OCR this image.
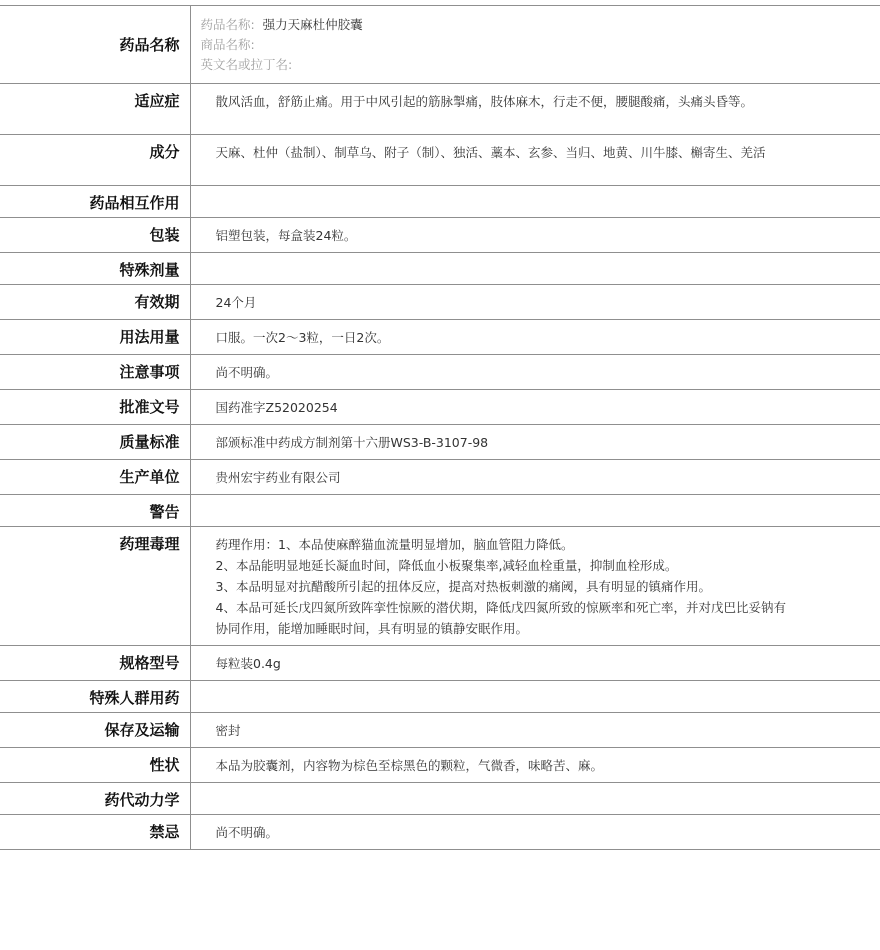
药品名称	药品名称: 强力天麻杜仲胶囊
商品名称:
英文名或拉丁名:

适应症	散风活血，舒筋止痛。用于中风引起的筋脉掣痛，肢体麻木，行走不便，腰腿酸痛，头痛头昏等。
成分	天麻、杜仲（盐制）、制草乌、附子（制）、独活、藁本、玄参、当归、地黄、川牛膝、槲寄生、羌活
药品相互作用	
包装	铝塑包装，每盒装24粒。
特殊剂量	
有效期	24个月
用法用量	口服。一次2～3粒，一日2次。
注意事项	尚不明确。
批准文号	国药准字Z52020254
质量标准	部颁标准中药成方制剂第十六册WS3-B-3107-98
生产单位	贵州宏宇药业有限公司
警告	
药理毒理	药理作用：1、本品使麻醉猫血流量明显增加，脑血管阻力降低。

2、本品能明显地延长凝血时间，降低血小板聚集率,减轻血栓重量，抑制血栓形成。

3、本品明显对抗醋酸所引起的扭体反应，提高对热板刺激的痛阈，具有明显的镇痛作用。

4、本品可延长戊四氮所致阵挛性惊厥的潜伏期，降低戊四氮所致的惊厥率和死亡率，并对戊巴比妥钠有协同作用，能增加睡眠时间，具有明显的镇静安眠作用。

规格型号	每粒装0.4g
特殊人群用药	
保存及运输	密封
性状	本品为胶囊剂，内容物为棕色至棕黑色的颗粒，气微香，味略苦、麻。
药代动力学	
禁忌	尚不明确。
